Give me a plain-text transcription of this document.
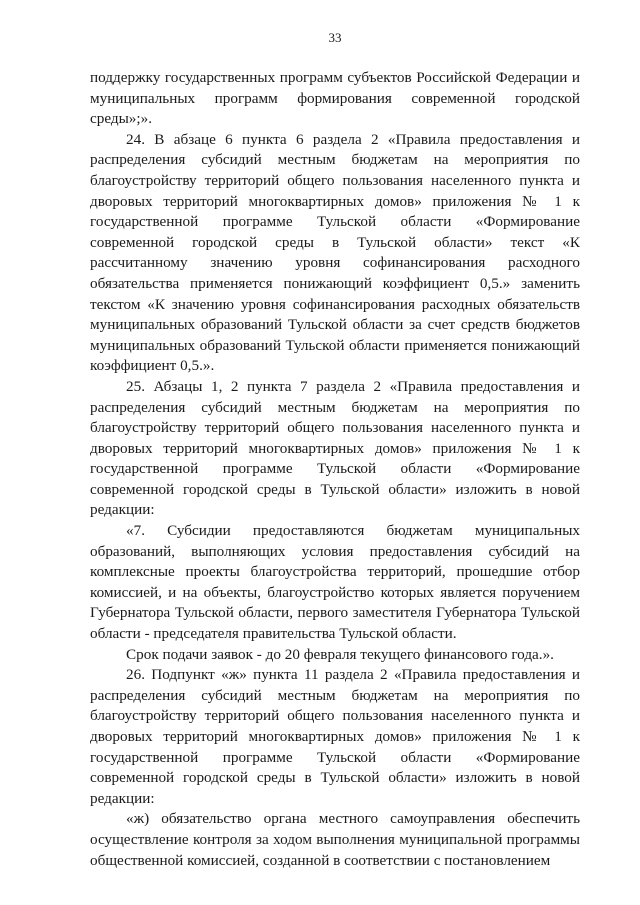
33

поддержку государственных программ субъектов Российской Федерации и муниципальных программ формирования современной городской среды»;».

24. В абзаце 6 пункта 6 раздела 2 «Правила предоставления и распределения субсидий местным бюджетам на мероприятия по благоустройству территорий общего пользования населенного пункта и дворовых территорий многоквартирных домов» приложения № 1 к государственной программе Тульской области «Формирование современной городской среды в Тульской области» текст «К рассчитанному значению уровня софинансирования расходного обязательства применяется понижающий коэффициент 0,5.» заменить текстом «К значению уровня софинансирования расходных обязательств муниципальных образований Тульской области за счет средств бюджетов муниципальных образований Тульской области применяется понижающий коэффициент 0,5.».

25. Абзацы 1, 2 пункта 7 раздела 2 «Правила предоставления и распределения субсидий местным бюджетам на мероприятия по благоустройству территорий общего пользования населенного пункта и дворовых территорий многоквартирных домов» приложения № 1 к государственной программе Тульской области «Формирование современной городской среды в Тульской области» изложить в новой редакции:

«7. Субсидии предоставляются бюджетам муниципальных образований, выполняющих условия предоставления субсидий на комплексные проекты благоустройства территорий, прошедшие отбор комиссией, и на объекты, благоустройство которых является поручением Губернатора Тульской области, первого заместителя Губернатора Тульской области - председателя правительства Тульской области.

Срок подачи заявок - до 20 февраля текущего финансового года.».

26. Подпункт «ж» пункта 11 раздела 2 «Правила предоставления и распределения субсидий местным бюджетам на мероприятия по благоустройству территорий общего пользования населенного пункта и дворовых территорий многоквартирных домов» приложения № 1 к государственной программе Тульской области «Формирование современной городской среды в Тульской области» изложить в новой редакции:

«ж) обязательство органа местного самоуправления обеспечить осуществление контроля за ходом выполнения муниципальной программы общественной комиссией, созданной в соответствии с постановлением
